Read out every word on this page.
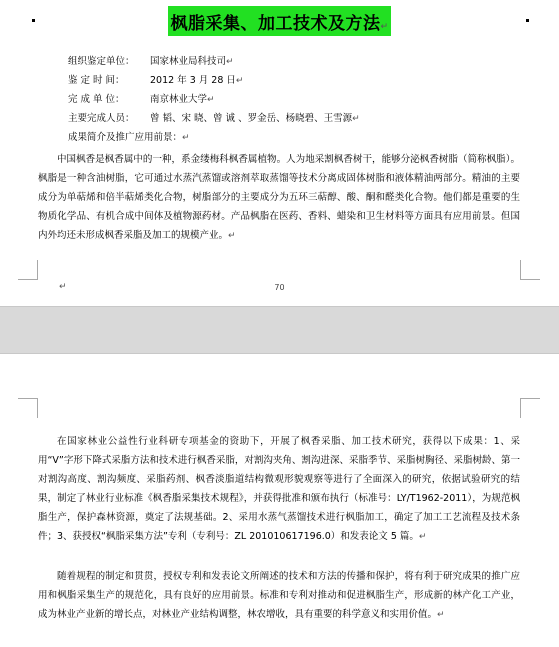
枫脂采集、加工技术及方法↵
组织鉴定单位： 国家林业局科技司↵
鉴 定 时 间：	2012 年 3 月 28 日↵
完 成 单 位：	南京林业大学↵
主要完成人员： 曾 韬、宋 晓、曾 诚 、罗金岳、杨晓碧、王雪源↵
成果简介及推广应用前景：↵
中国枫香是枫香属中的一种，系金缕梅科枫香属植物。人为地采割枫香树干，能够分泌枫香树脂（简称枫脂）。枫脂是一种含油树脂，它可通过水蒸汽蒸馏或溶剂萃取蒸馏等技术分离成固体树脂和液体精油两部分。精油的主要成分为单萜烯和倍半萜烯类化合物，树脂部分的主要成分为五环三萜醇、酸、酮和醛类化合物。他们都是重要的生物质化学品、有机合成中间体及植物源药材。产品枫脂在医药、香料、蜡染和卫生材料等方面具有应用前景。但国内外均还未形成枫香采脂及加工的规模产业。↵
↵	70
在国家林业公益性行业科研专项基金的资助下，开展了枫香采脂、加工技术研究，获得以下成果：1、采用“V”字形下降式采脂方法和技术进行枫香采脂，对割沟夹角、割沟进深、采脂季节、采脂树胸径、采脂树龄、第一对割沟高度、割沟频度、采脂药剂、枫香淡脂道结构微观形貌观察等进行了全面深入的研究，依据试验研究的结果，制定了林业行业标准《枫香脂采集技术规程》，并获得批准和颁布执行（标准号：LY/T1962-2011），为规范枫脂生产，保护森林资源，奠定了法规基础。2、采用水蒸气蒸馏技术进行枫脂加工，确定了加工工艺流程及技术条件；3、获授权“枫脂采集方法”专利（专利号：ZL 201010617196.0）和发表论文 5 篇。↵
随着规程的制定和贯贯，授权专利和发表论文所阐述的技术和方法的传播和保护，将有利于研究成果的推广应用和枫脂采集生产的规范化，具有良好的应用前景。标准和专利对推动和促进枫脂生产，形成新的林产化工产业，成为林业产业新的增长点，对林业产业结构调整，林农增收，具有重要的科学意义和实用价值。↵
